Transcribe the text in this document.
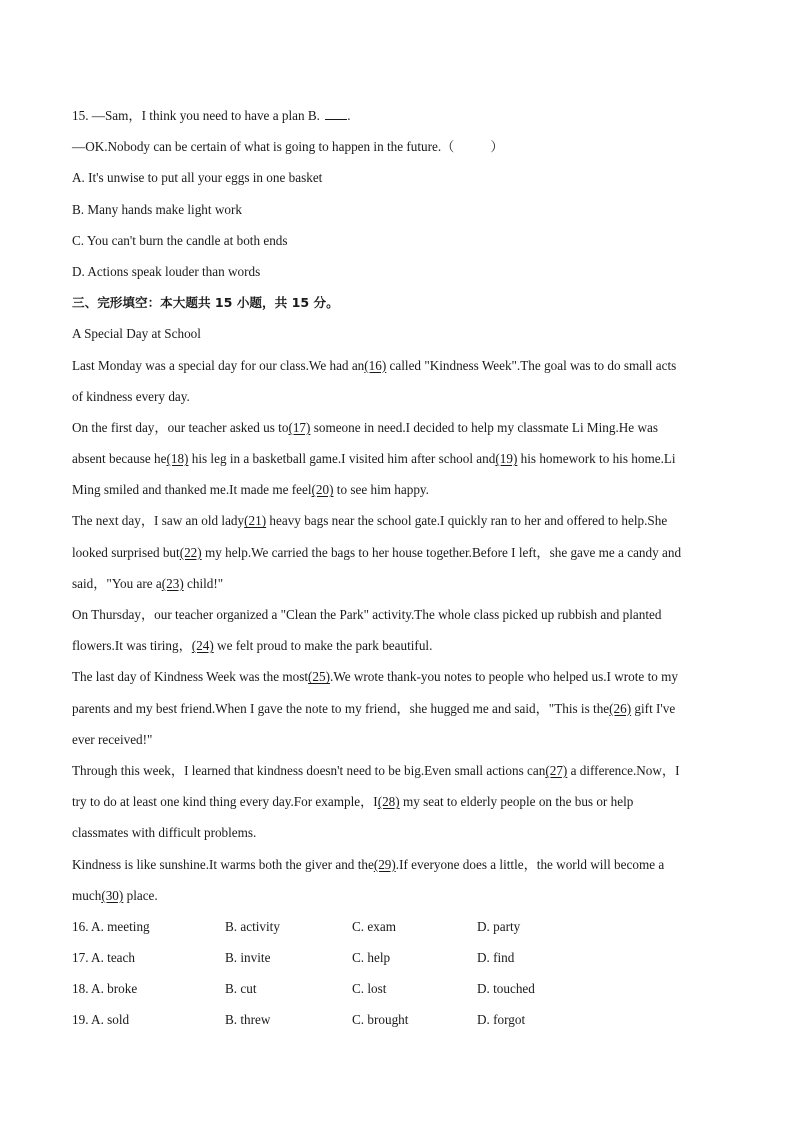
15. —Sam，I think you need to have a plan B. .
—OK.Nobody can be certain of what is going to happen in the future.（	）
A. It's unwise to put all your eggs in one basket
B. Many hands make light work
C. You can't burn the candle at both ends
D. Actions speak louder than words
三、完形填空：本大题共 15 小题，共 15 分。
A Special Day at School
Last Monday was a special day for our class.We had an(16) called "Kindness Week".The goal was to do small acts
of kindness every day.
On the first day，our teacher asked us to(17) someone in need.I decided to help my classmate Li Ming.He was
absent because he(18) his leg in a basketball game.I visited him after school and(19) his homework to his home.Li
Ming smiled and thanked me.It made me feel(20) to see him happy.
The next day，I saw an old lady(21) heavy bags near the school gate.I quickly ran to her and offered to help.She
looked surprised but(22) my help.We carried the bags to her house together.Before I left，she gave me a candy and
said，"You are a(23) child!"
On Thursday，our teacher organized a "Clean the Park" activity.The whole class picked up rubbish and planted
flowers.It was tiring，(24) we felt proud to make the park beautiful.
The last day of Kindness Week was the most(25).We wrote thank-you notes to people who helped us.I wrote to my
parents and my best friend.When I gave the note to my friend，she hugged me and said，"This is the(26) gift I've
ever received!"
Through this week，I learned that kindness doesn't need to be big.Even small actions can(27) a difference.Now，I
try to do at least one kind thing every day.For example，I(28) my seat to elderly people on the bus or help
classmates with difficult problems.
Kindness is like sunshine.It warms both the giver and the(29).If everyone does a little，the world will become a
much(30) place.
16. A. meeting	B. activity	C. exam	D. party
17. A. teach	B. invite	C. help	D. find
18. A. broke	B. cut	C. lost	D. touched
19. A. sold	B. threw	C. brought	D. forgot
